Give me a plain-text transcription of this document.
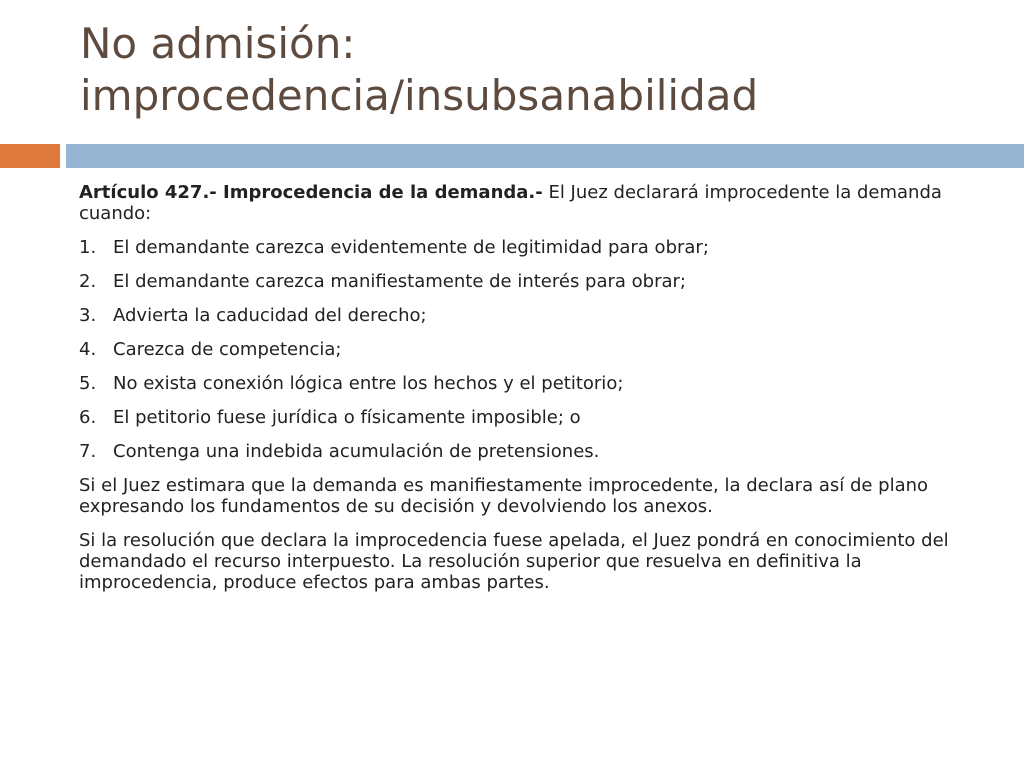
No admisión:
improcedencia/insubsanabilidad

Artículo 427.- Improcedencia de la demanda.- El Juez declarará improcedente la demanda cuando:

1. El demandante carezca evidentemente de legitimidad para obrar;
2. El demandante carezca manifiestamente de interés para obrar;
3. Advierta la caducidad del derecho;
4. Carezca de competencia;
5. No exista conexión lógica entre los hechos y el petitorio;
6. El petitorio fuese jurídica o físicamente imposible; o
7. Contenga una indebida acumulación de pretensiones.

Si el Juez estimara que la demanda es manifiestamente improcedente, la declara así de plano expresando los fundamentos de su decisión y devolviendo los anexos.

Si la resolución que declara la improcedencia fuese apelada, el Juez pondrá en conocimiento del demandado el recurso interpuesto. La resolución superior que resuelva en definitiva la improcedencia, produce efectos para ambas partes.
